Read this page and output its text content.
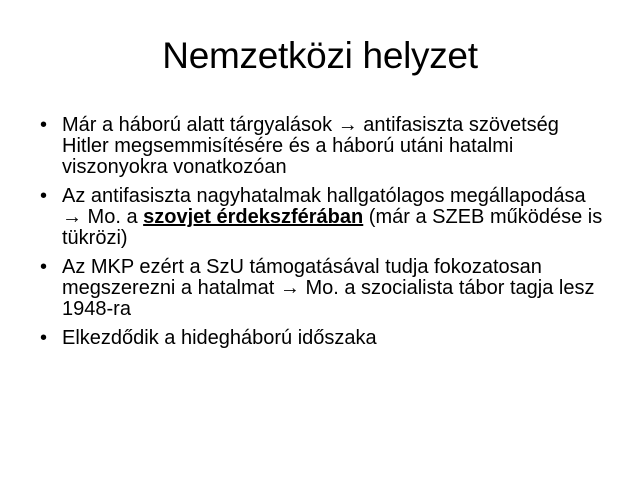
Nemzetközi helyzet
• Már a háború alatt tárgyalások → antifasiszta szövetség Hitler megsemmisítésére és a háború utáni hatalmi viszonyokra vonatkozóan
• Az antifasiszta nagyhatalmak hallgatólagos megállapodása → Mo. a szovjet érdekszférában (már a SZEB működése is tükrözi)
• Az MKP ezért a SzU támogatásával tudja fokozatosan megszerezni a hatalmat → Mo. a szocialista tábor tagja lesz 1948-ra
• Elkezdődik a hidegháború időszaka
